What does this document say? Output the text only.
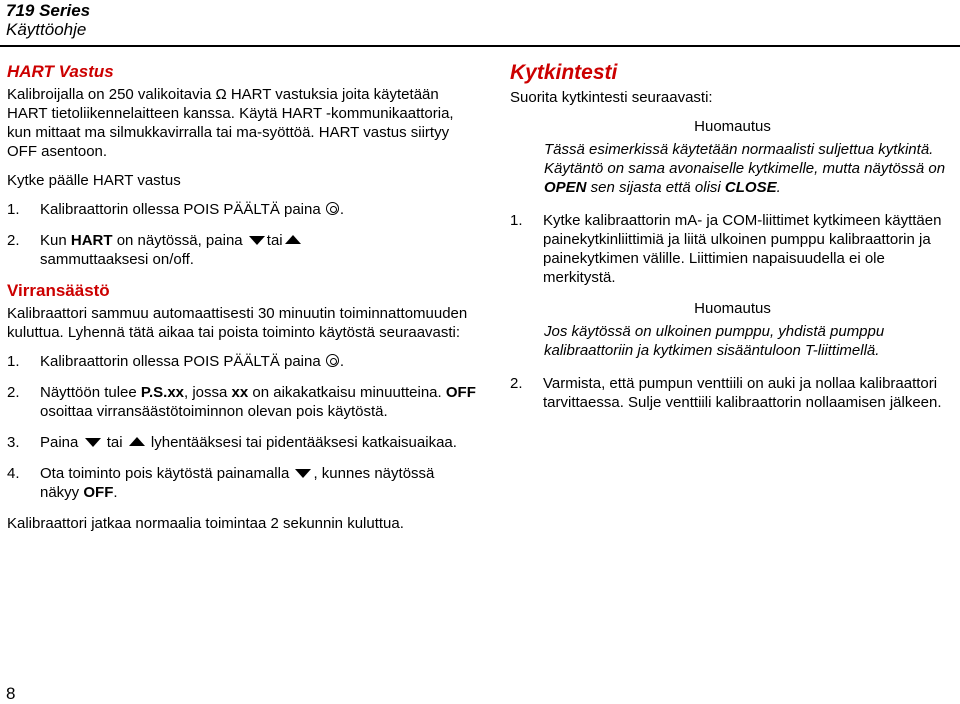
719 Series
Käyttöohje
HART Vastus

Kalibroijalla on 250 valikoitavia Ω HART vastuksia joita käytetään HART tietoliikennelaitteen kanssa. Käytä HART -kommunikaattoria, kun mittaat ma silmukkavirralla tai ma-syöttöä. HART vastus siirtyy OFF asentoon.

Kytke päälle HART vastus

1. Kalibraattorin ollessa POIS PÄÄLTÄ paina .
2. Kun HART on näytössä, paina tai
sammuttaaksesi on/off.
Virransäästö

Kalibraattori sammuu automaattisesti 30 minuutin toiminnattomuuden kuluttua. Lyhennä tätä aikaa tai poista toiminto käytöstä seuraavasti:

1. Kalibraattorin ollessa POIS PÄÄLTÄ paina .
2. Näyttöön tulee P.S.xx, jossa xx on aikakatkaisu minuutteina. OFF osoittaa virransäästötoiminnon olevan pois käytöstä.
3. Paina  tai  lyhentääksesi tai pidentääksesi katkaisuaikaa.
4. Ota toiminto pois käytöstä painamalla , kunnes näytössä näkyy OFF.

Kalibraattori jatkaa normaalia toimintaa 2 sekunnin kuluttua.

Kytkintesti

Suorita kytkintesti seuraavasti:

Huomautus
Tässä esimerkissä käytetään normaalisti suljettua kytkintä. Käytäntö on sama avonaiselle kytkimelle, mutta näytössä on OPEN sen sijasta että olisi CLOSE.
1. Kytke kalibraattorin mA- ja COM-liittimet kytkimeen käyttäen painekytkinliittimiä ja liitä ulkoinen pumppu kalibraattorin ja painekytkimen välille. Liittimien napaisuudella ei ole merkitystä.
Huomautus
Jos käytössä on ulkoinen pumppu, yhdistä pumppu kalibraattoriin ja kytkimen sisääntuloon T-liittimellä.
2. Varmista, että pumpun venttiili on auki ja nollaa kalibraattori tarvittaessa. Sulje venttiili kalibraattorin nollaamisen jälkeen.
8
